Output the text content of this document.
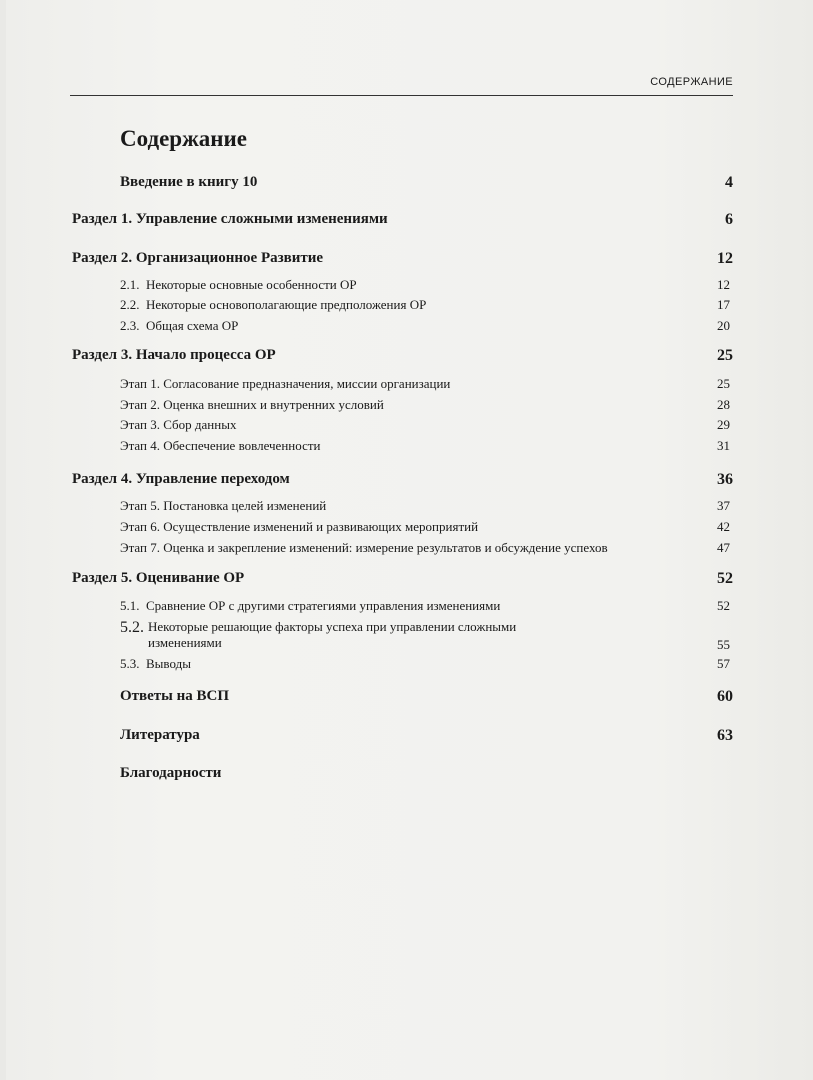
СОДЕРЖАНИЕ
Содержание
Введение в книгу 10	4
Раздел 1. Управление сложными изменениями	6
Раздел 2. Организационное Развитие	12
2.1. Некоторые основные особенности ОР	12
2.2. Некоторые основополагающие предположения ОР	17
2.3. Общая схема ОР	20
Раздел 3. Начало процесса ОР	25
Этап 1. Согласование предназначения, миссии организации	25
Этап 2. Оценка внешних и внутренних условий	28
Этап 3. Сбор данных	29
Этап 4. Обеспечение вовлеченности	31
Раздел 4. Управление переходом	36
Этап 5. Постановка целей изменений	37
Этап 6. Осуществление изменений и развивающих мероприятий	42
Этап 7. Оценка и закрепление изменений: измерение результатов и обсуждение успехов	47
Раздел 5. Оценивание ОР	52
5.1. Сравнение ОР с другими стратегиями управления изменениями	52
5.2. Некоторые решающие факторы успеха при управлении сложными изменениями	55
5.3. Выводы	57
Ответы на ВСП	60
Литература	63
Благодарности
